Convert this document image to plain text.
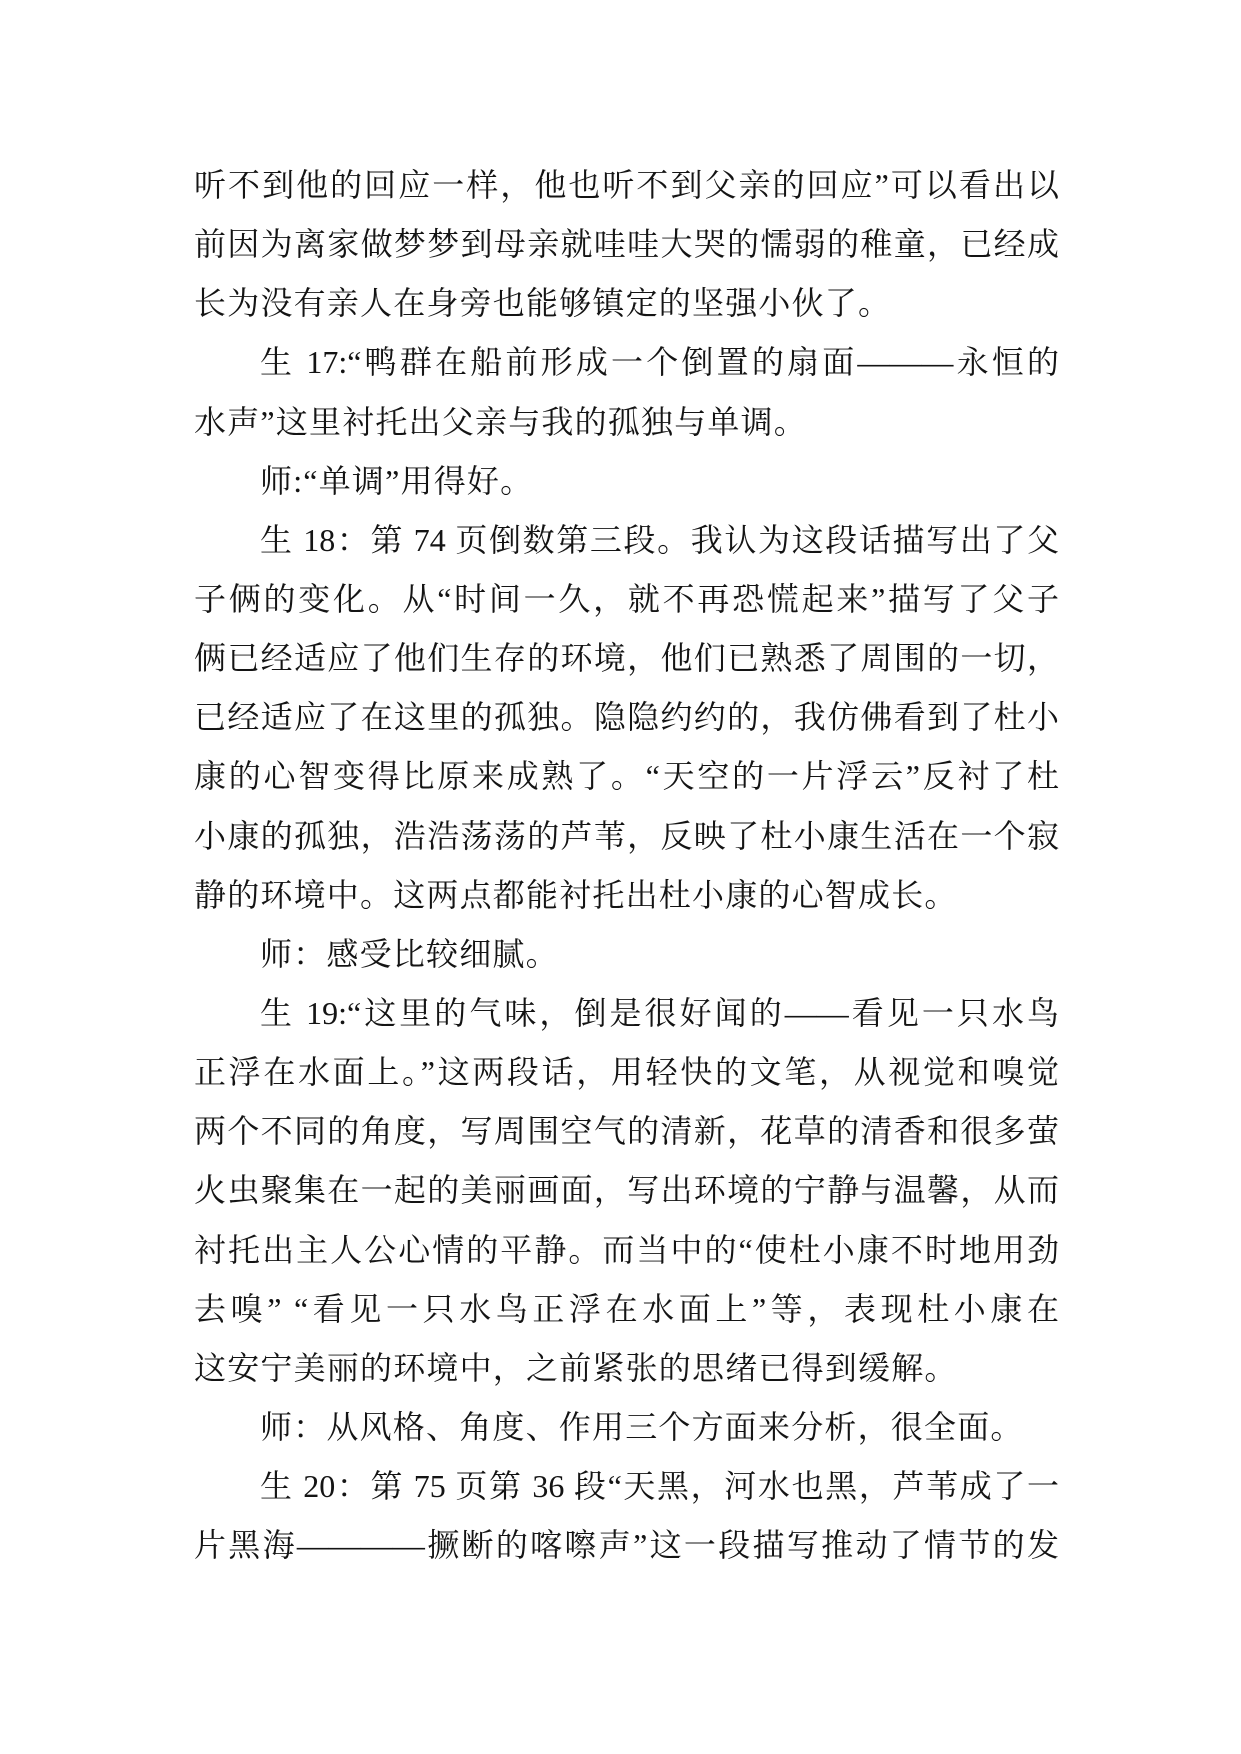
听不到他的回应一样，他也听不到父亲的回应”可以看出以
前因为离家做梦梦到母亲就哇哇大哭的懦弱的稚童，已经成
长为没有亲人在身旁也能够镇定的坚强小伙了。
生 17:“鸭群在船前形成一个倒置的扇面———永恒的
水声”这里衬托出父亲与我的孤独与单调。
师:“单调”用得好。
生 18：第 74 页倒数第三段。我认为这段话描写出了父
子俩的变化。从“时间一久，就不再恐慌起来”描写了父子
俩已经适应了他们生存的环境，他们已熟悉了周围的一切，
已经适应了在这里的孤独。隐隐约约的，我仿佛看到了杜小
康的心智变得比原来成熟了。“天空的一片浮云”反衬了杜
小康的孤独，浩浩荡荡的芦苇，反映了杜小康生活在一个寂
静的环境中。这两点都能衬托出杜小康的心智成长。
师：感受比较细腻。
生 19:“这里的气味，倒是很好闻的——看见一只水鸟
正浮在水面上。”这两段话，用轻快的文笔，从视觉和嗅觉
两个不同的角度，写周围空气的清新，花草的清香和很多萤
火虫聚集在一起的美丽画面，写出环境的宁静与温馨，从而
衬托出主人公心情的平静。而当中的“使杜小康不时地用劲
去嗅” “看见一只水鸟正浮在水面上”等，表现杜小康在
这安宁美丽的环境中，之前紧张的思绪已得到缓解。
师：从风格、角度、作用三个方面来分析，很全面。
生 20：第 75 页第 36 段“天黑，河水也黑，芦苇成了一
片黑海————撅断的喀嚓声”这一段描写推动了情节的发
